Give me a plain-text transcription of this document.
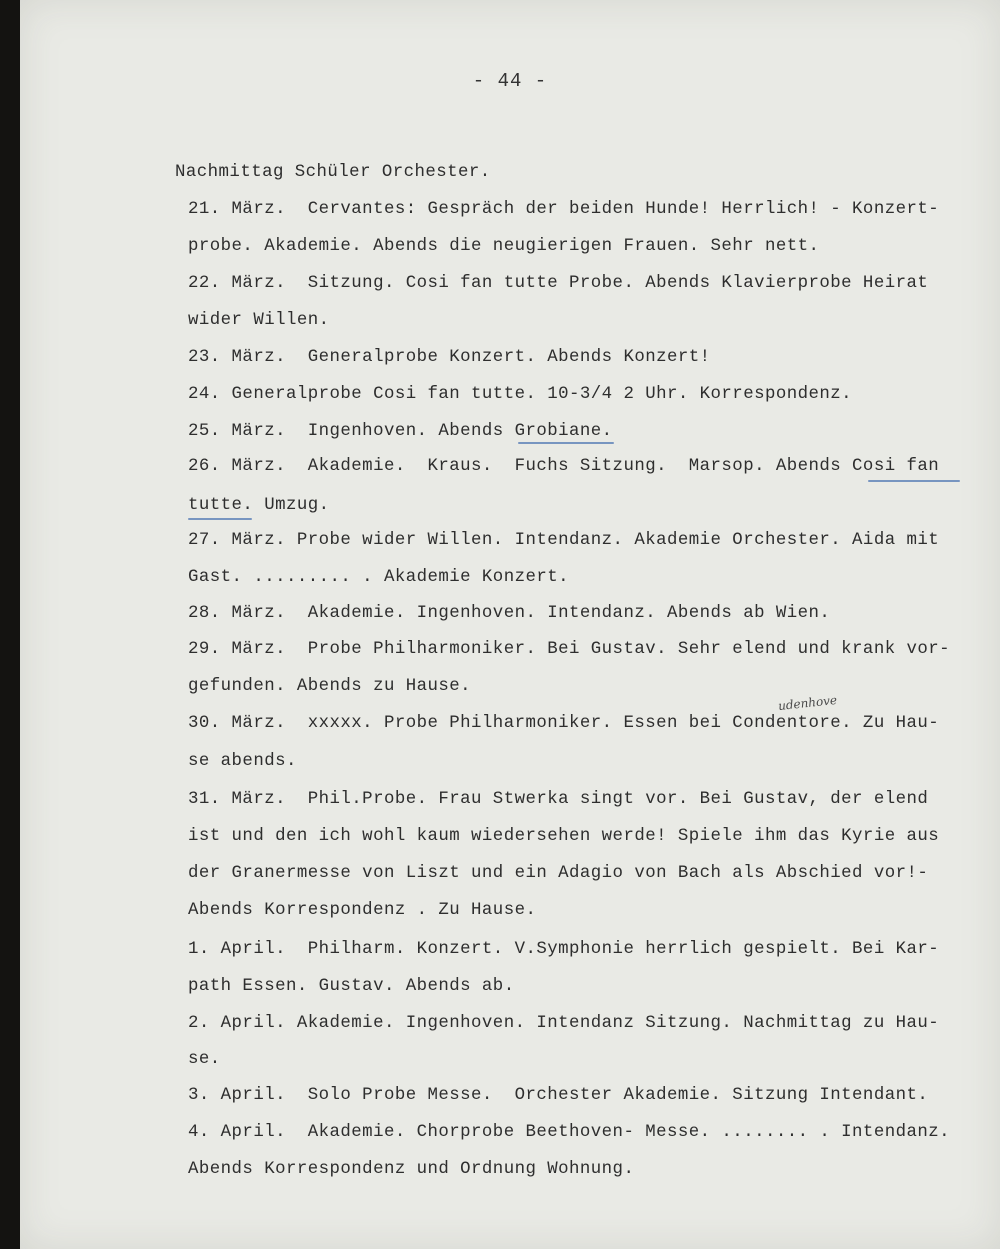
- 44 -
Nachmittag Schüler Orchester.
21. März.  Cervantes: Gespräch der beiden Hunde! Herrlich! - Konzert-
probe. Akademie. Abends die neugierigen Frauen. Sehr nett.
22. März.  Sitzung. Cosi fan tutte Probe. Abends Klavierprobe Heirat
wider Willen.
23. März.  Generalprobe Konzert. Abends Konzert!
24. Generalprobe Cosi fan tutte. 10-3/4 2 Uhr. Korrespondenz.
25. März.  Ingenhoven. Abends Grobiane.
26. März.  Akademie.  Kraus.  Fuchs Sitzung.  Marsop. Abends Cosi fan
tutte. Umzug.
27. März. Probe wider Willen. Intendanz. Akademie Orchester. Aida mit
Gast. ......... . Akademie Konzert.
28. März.  Akademie. Ingenhoven. Intendanz. Abends ab Wien.
29. März.  Probe Philharmoniker. Bei Gustav. Sehr elend und krank vor-
gefunden. Abends zu Hause.
30. März.  xxxxx. Probe Philharmoniker. Essen bei Condentore. Zu Hau-
se abends.
31. März.  Phil.Probe. Frau Stwerka singt vor. Bei Gustav, der elend
ist und den ich wohl kaum wiedersehen werde! Spiele ihm das Kyrie aus
der Granermesse von Liszt und ein Adagio von Bach als Abschied vor!-
Abends Korrespondenz . Zu Hause.
1. April.  Philharm. Konzert. V.Symphonie herrlich gespielt. Bei Kar-
path Essen. Gustav. Abends ab.
2. April. Akademie. Ingenhoven. Intendanz Sitzung. Nachmittag zu Hau-
se.
3. April.  Solo Probe Messe.  Orchester Akademie. Sitzung Intendant.
4. April.  Akademie. Chorprobe Beethoven- Messe. ........ . Intendanz.
Abends Korrespondenz und Ordnung Wohnung.
udenhove
